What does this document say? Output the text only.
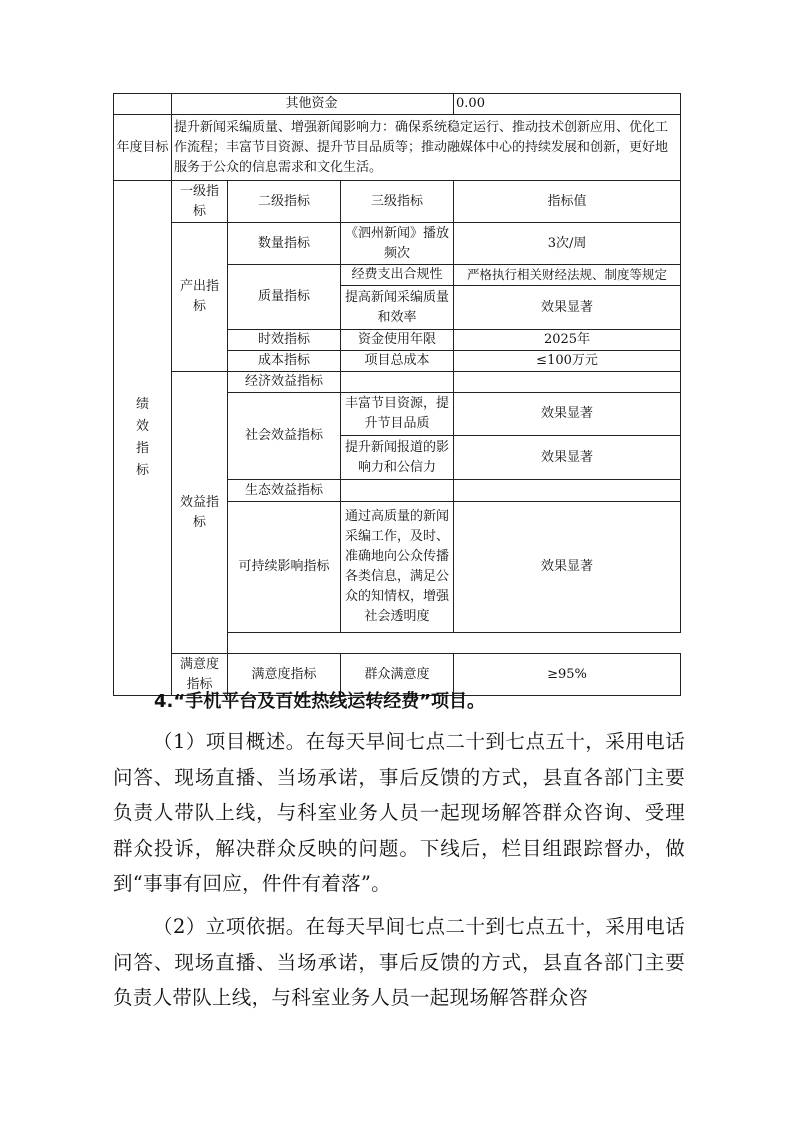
	其他资金			0.00
年度目标	提升新闻采编质量、增强新闻影响力：确保系统稳定运行、推动技术创新应用、优化工作流程；丰富节目资源、提升节目品质等；推动融媒体中心的持续发展和创新，更好地服务于公众的信息需求和文化生活。			
绩效指标	一级指标	二级指标	三级指标	指标值
	产出指标	数量指标	《泗州新闻》播放频次	3次/周
		质量指标	经费支出合规性	严格执行相关财经法规、制度等规定
			提高新闻采编质量和效率	效果显著
		时效指标	资金使用年限	2025年
		成本指标	项目总成本	≤100万元
	效益指标	经济效益指标		
		社会效益指标	丰富节目资源，提升节目品质	效果显著
			提升新闻报道的影响力和公信力	效果显著
		生态效益指标		
		可持续影响指标	通过高质量的新闻采编工作，及时、准确地向公众传播各类信息，满足公众的知情权，增强社会透明度	效果显著

	满意度指标	满意度指标	群众满意度	≥95%
4.“手机平台及百姓热线运转经费”项目。
（1）项目概述。在每天早间七点二十到七点五十，采用电话问答、现场直播、当场承诺，事后反馈的方式，县直各部门主要负责人带队上线，与科室业务人员一起现场解答群众咨询、受理群众投诉，解决群众反映的问题。下线后，栏目组跟踪督办，做到“事事有回应，件件有着落”。
（2）立项依据。在每天早间七点二十到七点五十，采用电话问答、现场直播、当场承诺，事后反馈的方式，县直各部门主要负责人带队上线，与科室业务人员一起现场解答群众咨
